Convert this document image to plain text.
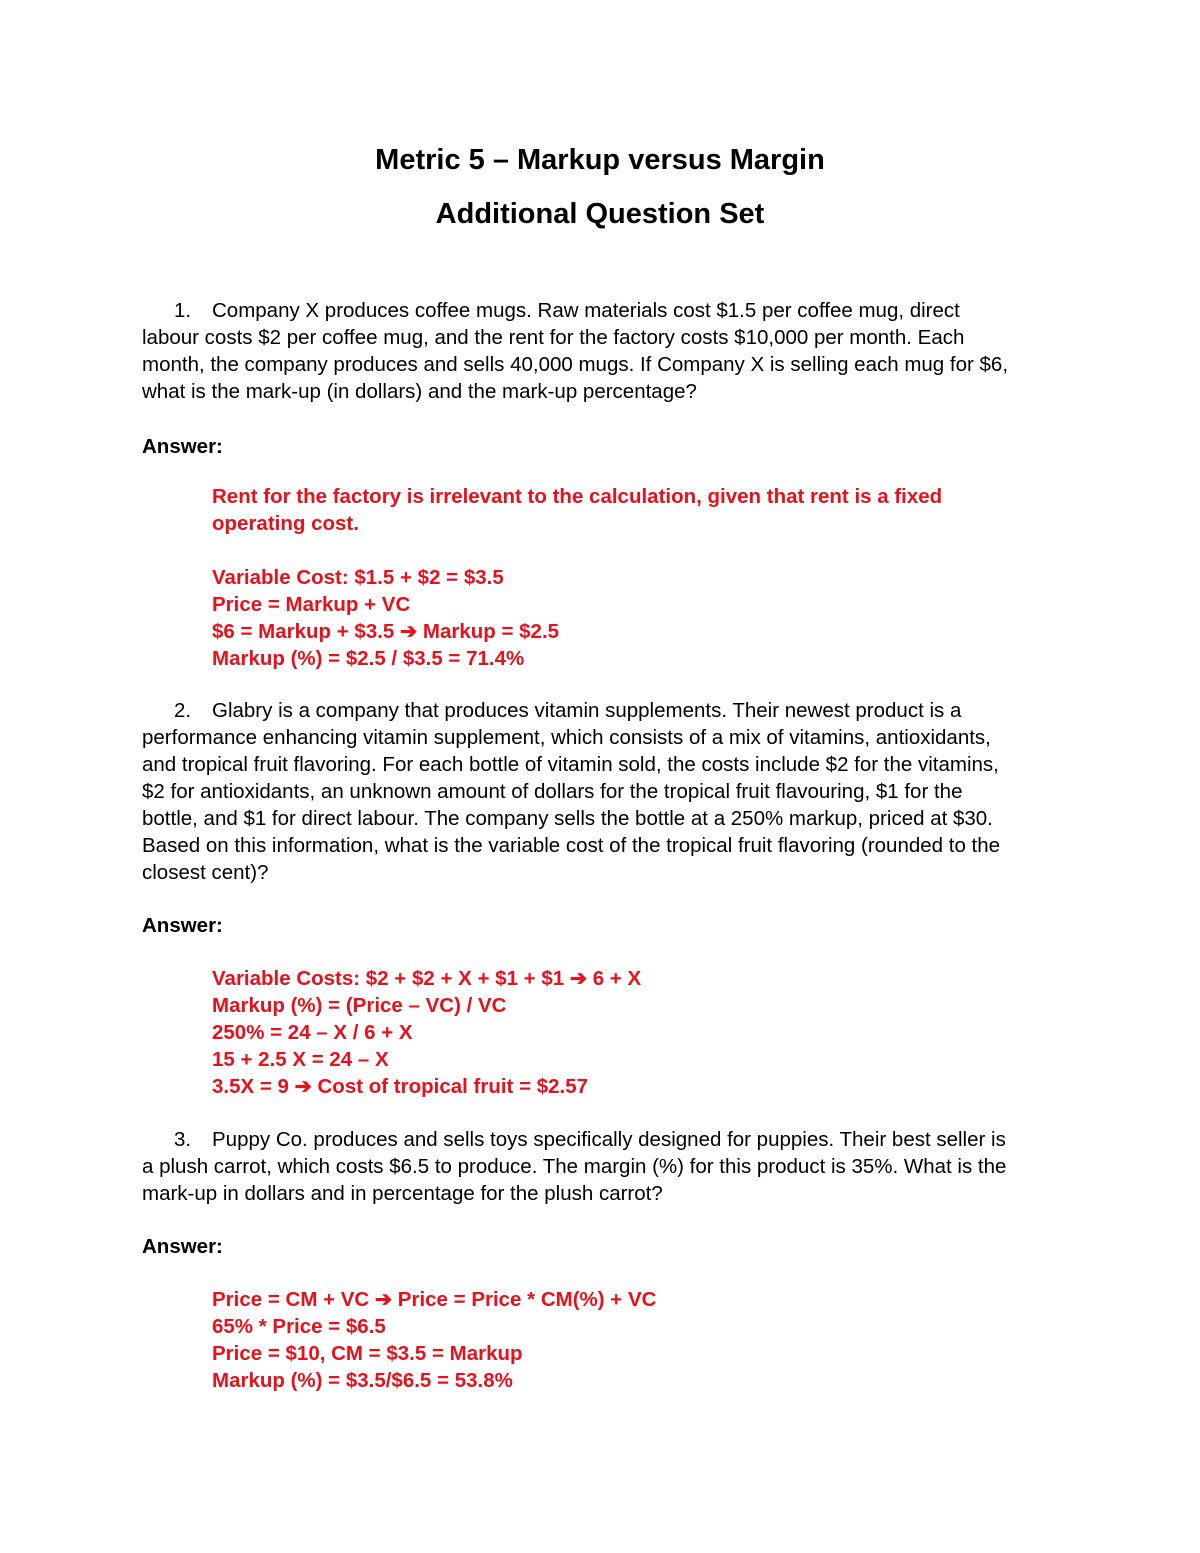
Metric 5 – Markup versus Margin
Additional Question Set
1.	Company X produces coffee mugs. Raw materials cost $1.5 per coffee mug, direct
labour costs $2 per coffee mug, and the rent for the factory costs $10,000 per month. Each
month, the company produces and sells 40,000 mugs. If Company X is selling each mug for $6,
what is the mark-up (in dollars) and the mark-up percentage?
Answer:
Rent for the factory is irrelevant to the calculation, given that rent is a fixed
operating cost.
Variable Cost: $1.5 + $2 = $3.5
Price = Markup + VC
$6 = Markup + $3.5 ➔ Markup = $2.5
Markup (%) = $2.5 / $3.5 = 71.4%
2.	Glabry is a company that produces vitamin supplements. Their newest product is a
performance enhancing vitamin supplement, which consists of a mix of vitamins, antioxidants,
and tropical fruit flavoring. For each bottle of vitamin sold, the costs include $2 for the vitamins,
$2 for antioxidants, an unknown amount of dollars for the tropical fruit flavouring, $1 for the
bottle, and $1 for direct labour. The company sells the bottle at a 250% markup, priced at $30.
Based on this information, what is the variable cost of the tropical fruit flavoring (rounded to the
closest cent)?
Answer:
Variable Costs: $2 + $2 + X + $1 + $1 ➔ 6 + X
Markup (%) = (Price – VC) / VC
250% = 24 – X / 6 + X
15 + 2.5 X = 24 – X
3.5X = 9 ➔ Cost of tropical fruit = $2.57
3.	Puppy Co. produces and sells toys specifically designed for puppies. Their best seller is
a plush carrot, which costs $6.5 to produce. The margin (%) for this product is 35%. What is the
mark-up in dollars and in percentage for the plush carrot?
Answer:
Price = CM + VC ➔ Price = Price * CM(%) + VC
65% * Price = $6.5
Price = $10, CM = $3.5 = Markup
Markup (%) = $3.5/$6.5 = 53.8%
